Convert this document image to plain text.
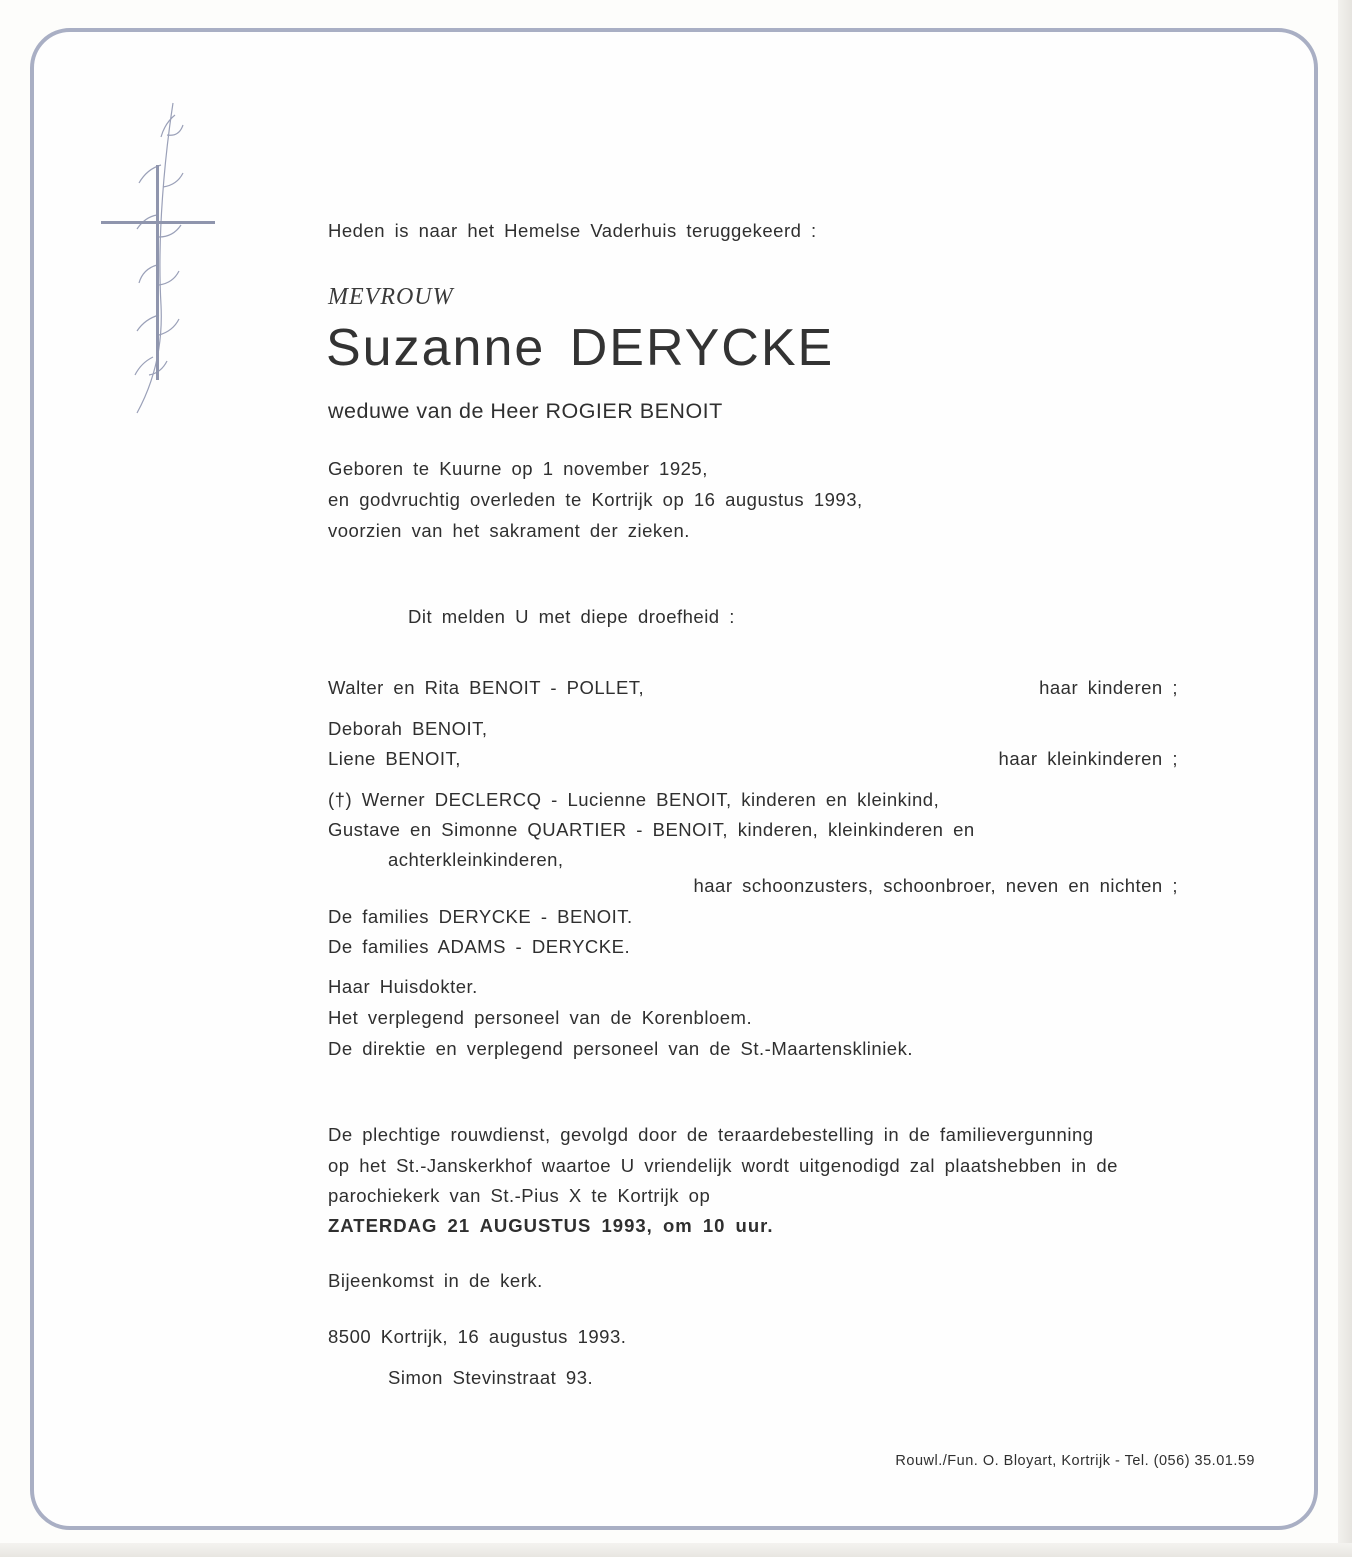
Heden is naar het Hemelse Vaderhuis teruggekeerd :
MEVROUW
Suzanne DERYCKE
weduwe van de Heer ROGIER BENOIT
Geboren te Kuurne op 1 november 1925,
en godvruchtig overleden te Kortrijk op 16 augustus 1993,
voorzien van het sakrament der zieken.
Dit melden U met diepe droefheid :
Walter en Rita BENOIT - POLLET,	haar kinderen ;
Deborah BENOIT,
Liene BENOIT,	haar kleinkinderen ;
(†) Werner DECLERCQ - Lucienne BENOIT, kinderen en kleinkind,
Gustave en Simonne QUARTIER - BENOIT, kinderen, kleinkinderen en
achterkleinkinderen,
haar schoonzusters, schoonbroer, neven en nichten ;
De families DERYCKE - BENOIT.
De families ADAMS - DERYCKE.
Haar Huisdokter.
Het verplegend personeel van de Korenbloem.
De direktie en verplegend personeel van de St.-Maartenskliniek.
De plechtige rouwdienst, gevolgd door de teraardebestelling in de familievergunning
op het St.-Janskerkhof waartoe U vriendelijk wordt uitgenodigd zal plaatshebben in de
parochiekerk van St.-Pius X te Kortrijk op
ZATERDAG 21 AUGUSTUS 1993, om 10 uur.
Bijeenkomst in de kerk.
8500 Kortrijk, 16 augustus 1993.
Simon Stevinstraat 93.
Rouwl./Fun. O. Bloyart, Kortrijk - Tel. (056) 35.01.59
